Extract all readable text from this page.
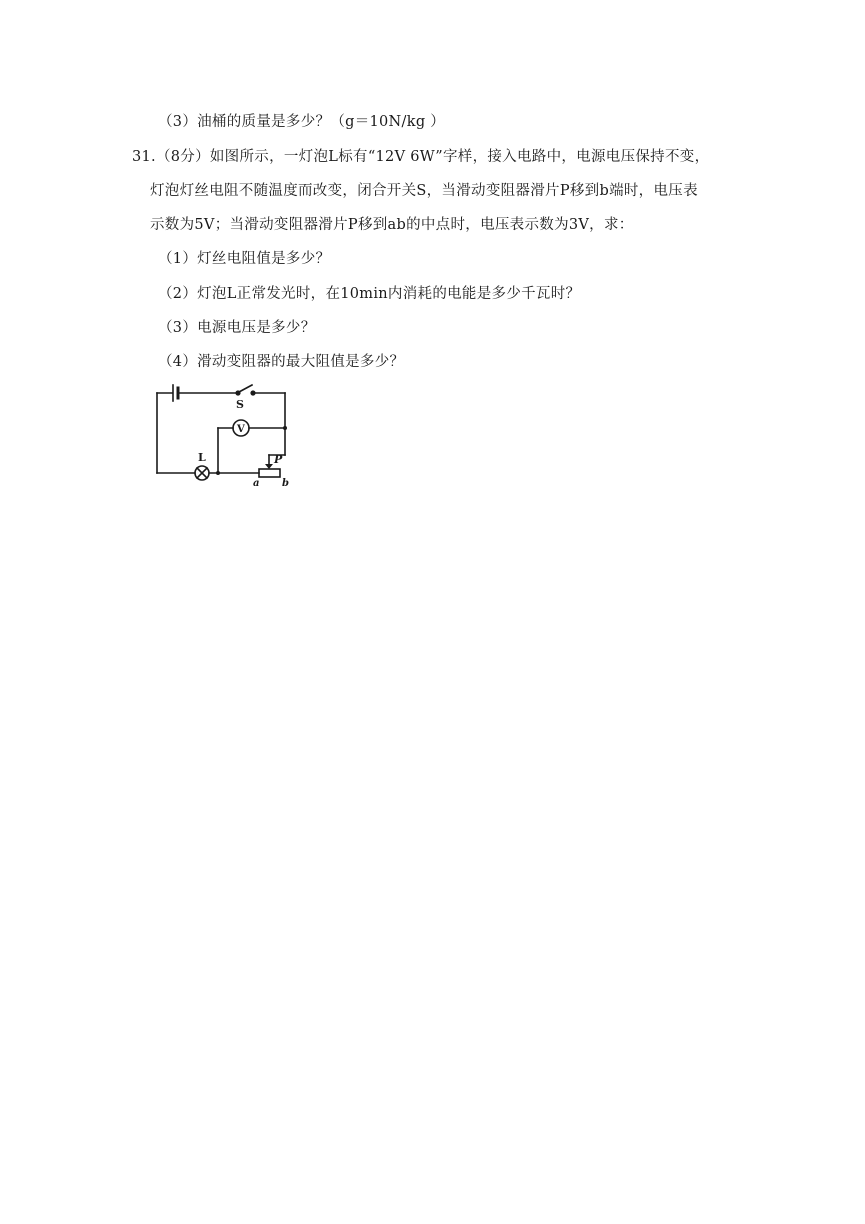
（3）油桶的质量是多少？（g＝10N/kg ）
31.（8分）如图所示，一灯泡L标有“12V 6W”字样，接入电路中，电源电压保持不变，
灯泡灯丝电阻不随温度而改变，闭合开关S，当滑动变阻器滑片P移到b端时，电压表
示数为5V；当滑动变阻器滑片P移到ab的中点时，电压表示数为3V，求：
（1）灯丝电阻值是多少？
（2）灯泡L正常发光时，在10min内消耗的电能是多少千瓦时？
（3）电源电压是多少？
（4）滑动变阻器的最大阻值是多少？
S
V
L	P
a b
